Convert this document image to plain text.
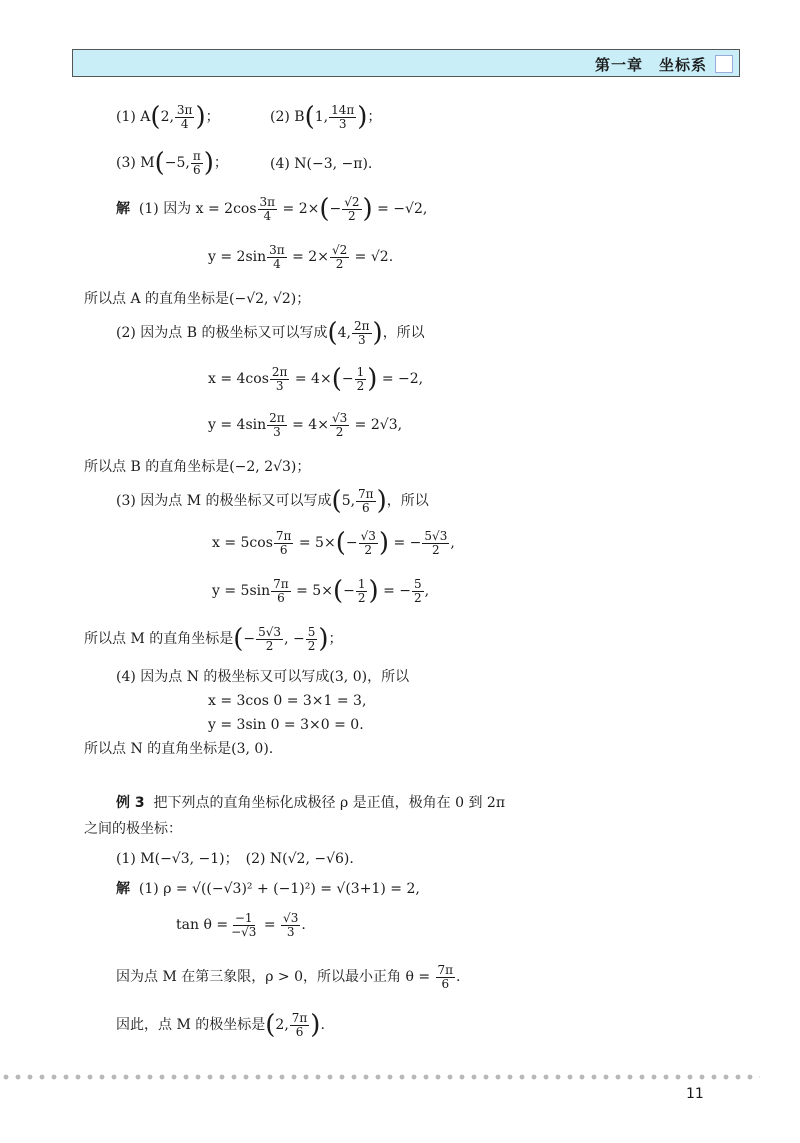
第一章　坐标系
(1) A(2, $\frac{3\pi}{4}$ )；	(2) B(1, $\frac{14\pi}{3}$ )；
(3) M(−5, $\frac{\pi}{6}$ )；	(4) N(−3, −π).
解 (1) 因为 $x = 2\cos \frac{3\pi}{4} = 2\times(- \frac{√2}{2}$ ) = −√2,
$y = 2\sin \frac{3\pi}{4} = 2\times \frac{√2}{2} = √2$.
所以点 A 的直角坐标是(−√2, √2)；
(2) 因为点 B 的极坐标又可以写成(4, $\frac{2\pi}{3}$ )，所以
$x = 4\cos \frac{2\pi}{3} = 4\times(- \frac{1}{2}$ ) = −2,
$y = 4\sin \frac{2\pi}{3} = 4\times \frac{√3}{2} = 2√3$,
所以点 B 的直角坐标是(−2, 2√3)；
(3) 因为点 M 的极坐标又可以写成(5, $\frac{7\pi}{6}$ )，所以
$x = 5\cos \frac{7\pi}{6} = 5\times(- \frac{√3}{2}$ ) = − $\frac{5√3}{2}$ ,
$y = 5\sin \frac{7\pi}{6} = 5\times(- \frac{1}{2}$ ) = − $\frac{5}{2}$ ,
所以点 M 的直角坐标是(− $\frac{5√3}{2}$ , − $\frac{5}{2}$ )；
(4) 因为点 N 的极坐标又可以写成(3, 0)，所以
x = 3cos 0 = 3×1 = 3,
y = 3sin 0 = 3×0 = 0.
所以点 N 的直角坐标是(3, 0).
例 3 把下列点的直角坐标化成极径 ρ 是正值，极角在 0 到 2π
之间的极坐标：
(1) M(−√3, −1)；　(2) N(√2, −√6).
解 (1) ρ = √((−√3)² + (−1)²) = √(3+1) = 2,
$\tan \theta = \frac{-1}{-√3} = \frac{√3}{3}$ .
因为点 M 在第三象限，ρ > 0，所以最小正角 $\theta = \frac{7\pi}{6}$ .
因此，点 M 的极坐标是(2, $\frac{7\pi}{6}$ ).
11
